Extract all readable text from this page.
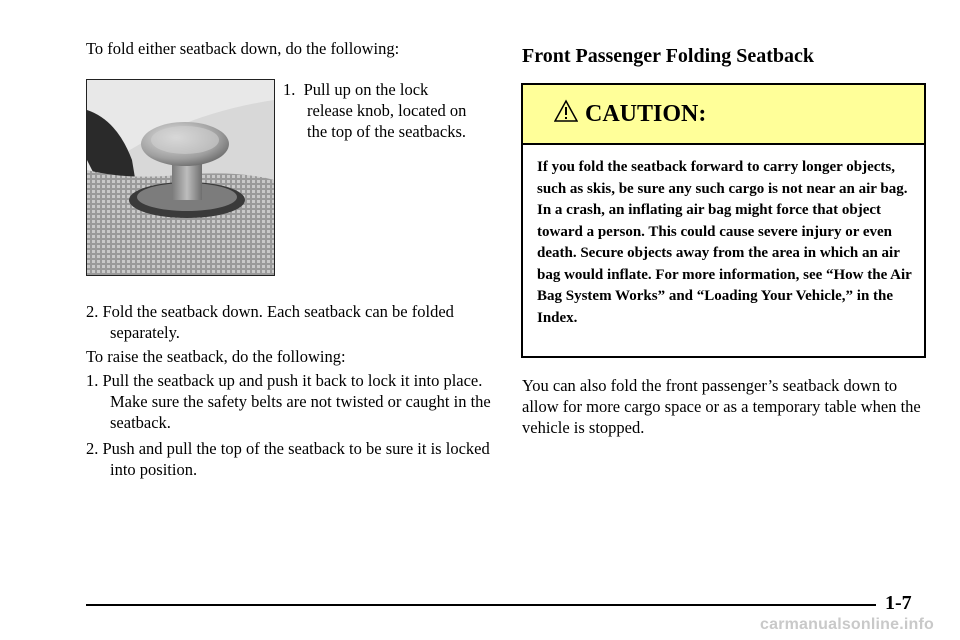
To fold either seatback down, do the following:

1. Pull up on the lock release knob, located on the top of the seatbacks.

2. Fold the seatback down. Each seatback can be folded separately.

To raise the seatback, do the following:

1. Pull the seatback up and push it back to lock it into place. Make sure the safety belts are not twisted or caught in the seatback.

2. Push and pull the top of the seatback to be sure it is locked into position.

Front Passenger Folding Seatback

CAUTION:

If you fold the seatback forward to carry longer objects, such as skis, be sure any such cargo is not near an air bag. In a crash, an inflating air bag might force that object toward a person. This could cause severe injury or even death. Secure objects away from the area in which an air bag would inflate. For more information, see “How the Air Bag System Works” and “Loading Your Vehicle,” in the Index.

You can also fold the front passenger’s seatback down to allow for more cargo space or as a temporary table when the vehicle is stopped.

1-7

carmanualsonline.info
